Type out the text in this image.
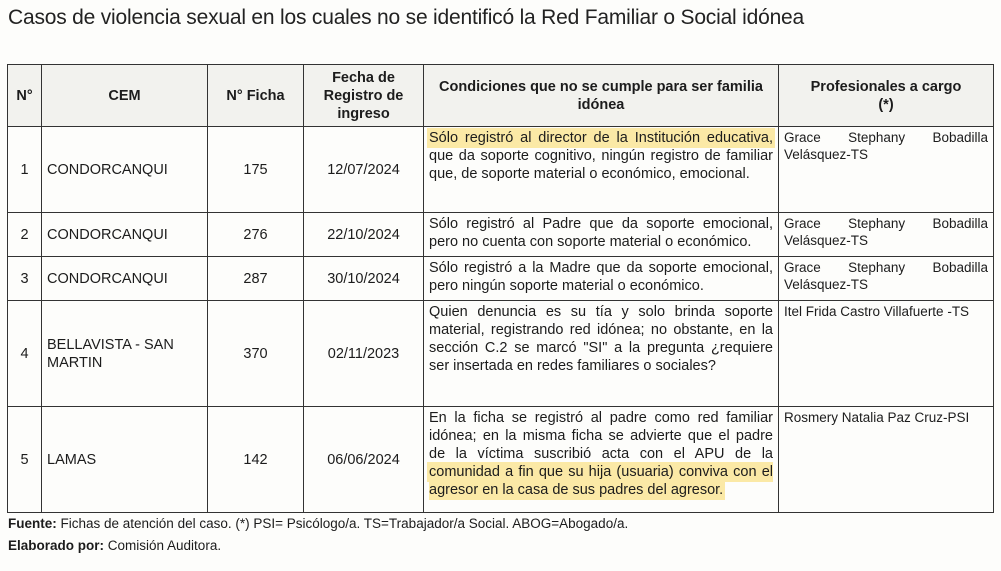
Casos de violencia sexual en los cuales no se identificó la Red Familiar o Social idónea
N°	CEM	N° Ficha	Fecha de Registro de ingreso	Condiciones que no se cumple para ser familia idónea	Profesionales a cargo
(*)
1	CONDORCANQUI	175	12/07/2024	Sólo registró al director de la Institución educativa, que da soporte cognitivo, ningún registro de familiar que, de soporte material o económico, emocional.	Grace Stephany Bobadilla Velásquez-TS
2	CONDORCANQUI	276	22/10/2024	Sólo registró al Padre que da soporte emocional, pero no cuenta con soporte material o económico.	Grace Stephany Bobadilla Velásquez-TS
3	CONDORCANQUI	287	30/10/2024	Sólo registró a la Madre que da soporte emocional, pero ningún soporte material o económico.	Grace Stephany Bobadilla Velásquez-TS
4	BELLAVISTA - SAN MARTIN	370	02/11/2023	Quien denuncia es su tía y solo brinda soporte material, registrando red idónea; no obstante, en la sección C.2 se marcó "SI" a la pregunta ¿requiere ser insertada en redes familiares o sociales?	Itel Frida Castro Villafuerte -TS
5	LAMAS	142	06/06/2024	En la ficha se registró al padre como red familiar idónea; en la misma ficha se advierte que el padre de la víctima suscribió acta con el APU de la comunidad a fin que su hija (usuaria) conviva con el agresor en la casa de sus padres del agresor.	Rosmery Natalia Paz Cruz-PSI
Fuente: Fichas de atención del caso. (*) PSI= Psicólogo/a. TS=Trabajador/a Social. ABOG=Abogado/a.
Elaborado por: Comisión Auditora.
